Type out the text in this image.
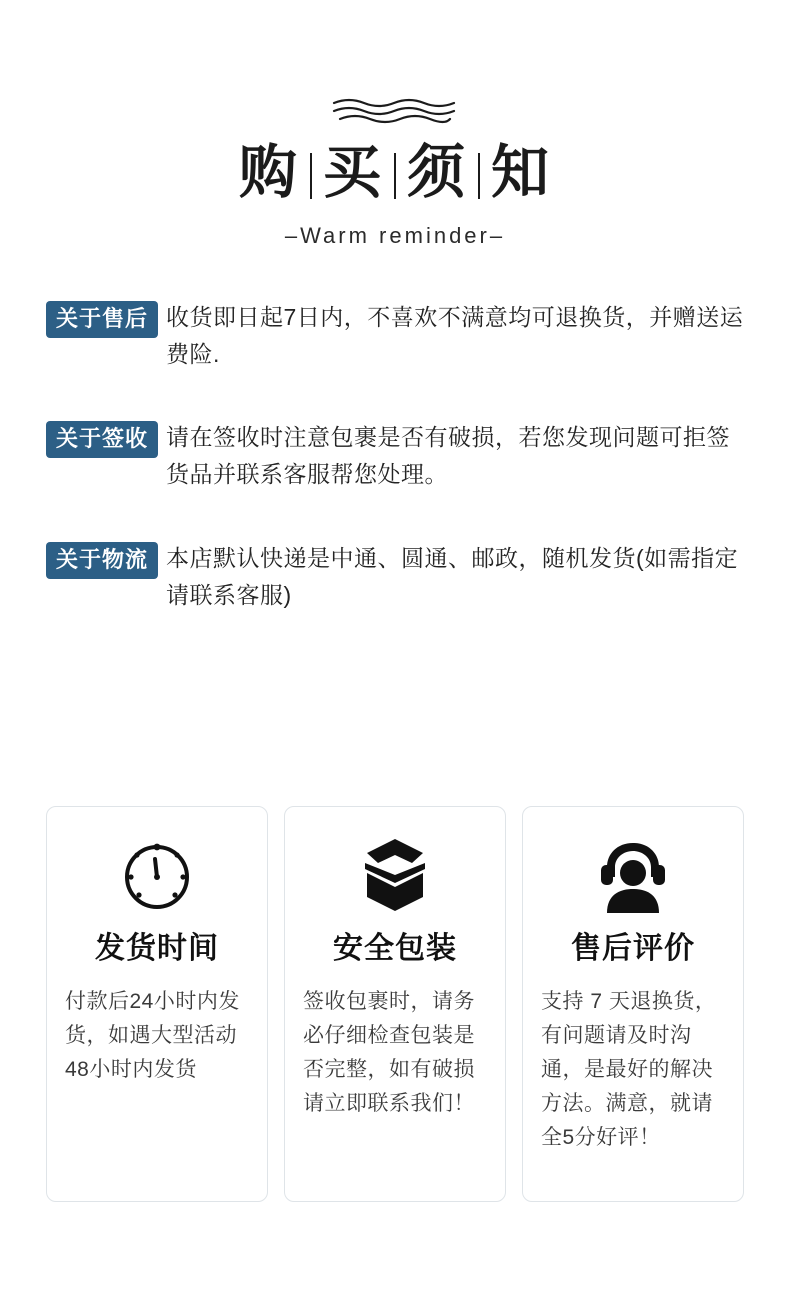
购 买 须 知
–Warm reminder–
关于售后 收货即日起7日内，不喜欢不满意均可退换货，并赠送运费险.
关于签收 请在签收时注意包裹是否有破损，若您发现问题可拒签货品并联系客服帮您处理。
关于物流 本店默认快递是中通、圆通、邮政，随机发货(如需指定请联系客服)
发货时间
付款后24小时内发货，如遇大型活动48小时内发货
安全包装
签收包裹时，请务必仔细检查包装是否完整，如有破损请立即联系我们！
售后评价
支持 7 天退换货，有问题请及时沟通，是最好的解决方法。满意，就请全5分好评！
